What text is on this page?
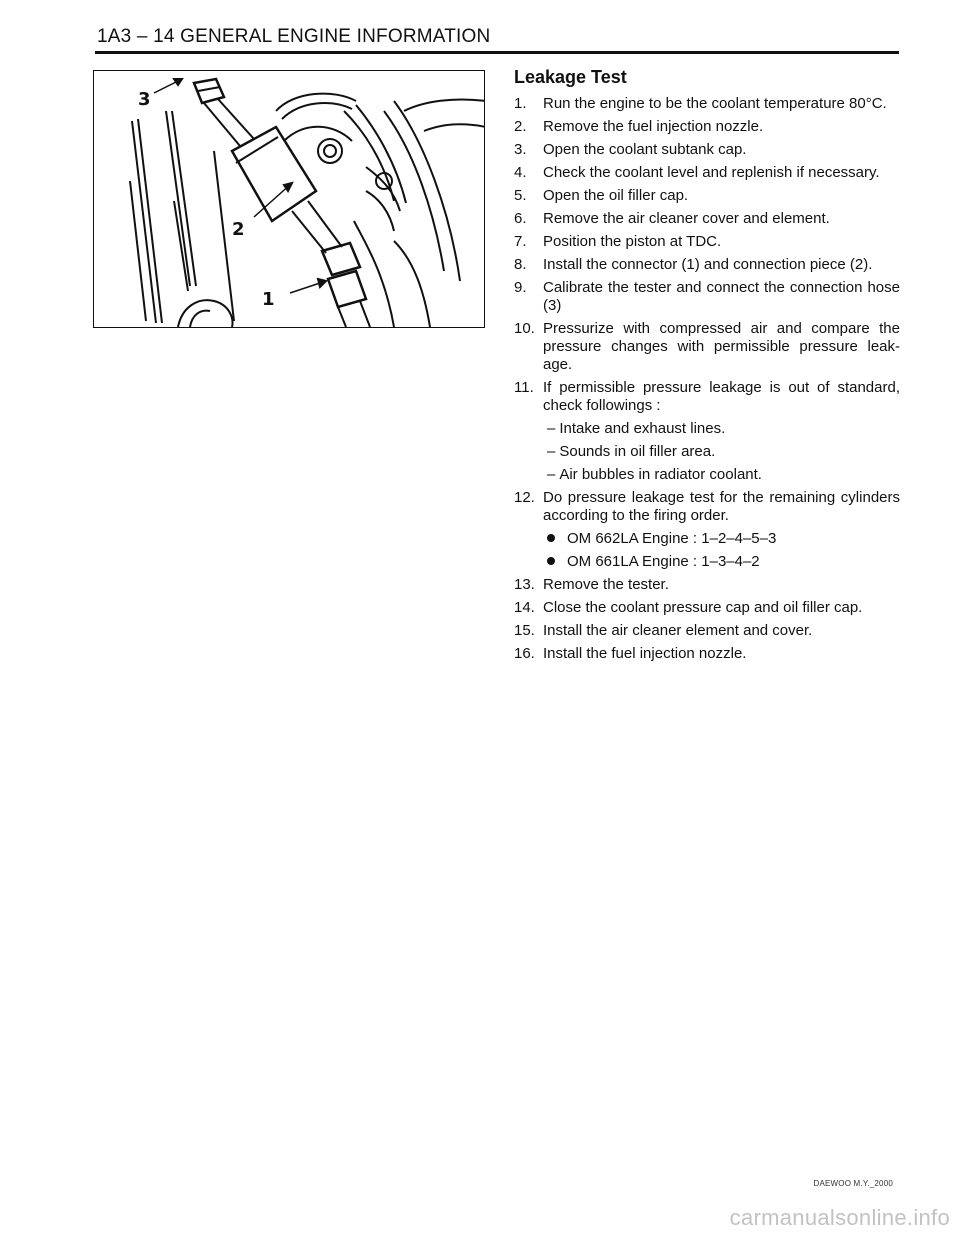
1A3 – 14 GENERAL ENGINE INFORMATION
1
2
3
Leakage Test
1. Run the engine to be the coolant temperature 80°C.
2. Remove the fuel injection nozzle.
3. Open the coolant subtank cap.
4. Check the coolant level and replenish if necessary.
5. Open the oil filler cap.
6. Remove the air cleaner cover and element.
7. Position the piston at TDC.
8. Install the connector (1) and connection piece (2).
9. Calibrate the tester and connect the connection hose (3)
10. Pressurize with compressed air and compare the pressure changes with permissible pressure leak-age.
11. If permissible pressure leakage is out of standard, check followings :
– Intake and exhaust lines.
– Sounds in oil filler area.
– Air bubbles in radiator coolant.
12. Do pressure leakage test for the remaining cylinders according to the firing order.
OM 662LA Engine : 1–2–4–5–3
OM 661LA Engine : 1–3–4–2
13. Remove the tester.
14. Close the coolant pressure cap and oil filler cap.
15. Install the air cleaner element and cover.
16. Install the fuel injection nozzle.
DAEWOO M.Y._2000
carmanualsonline.info
